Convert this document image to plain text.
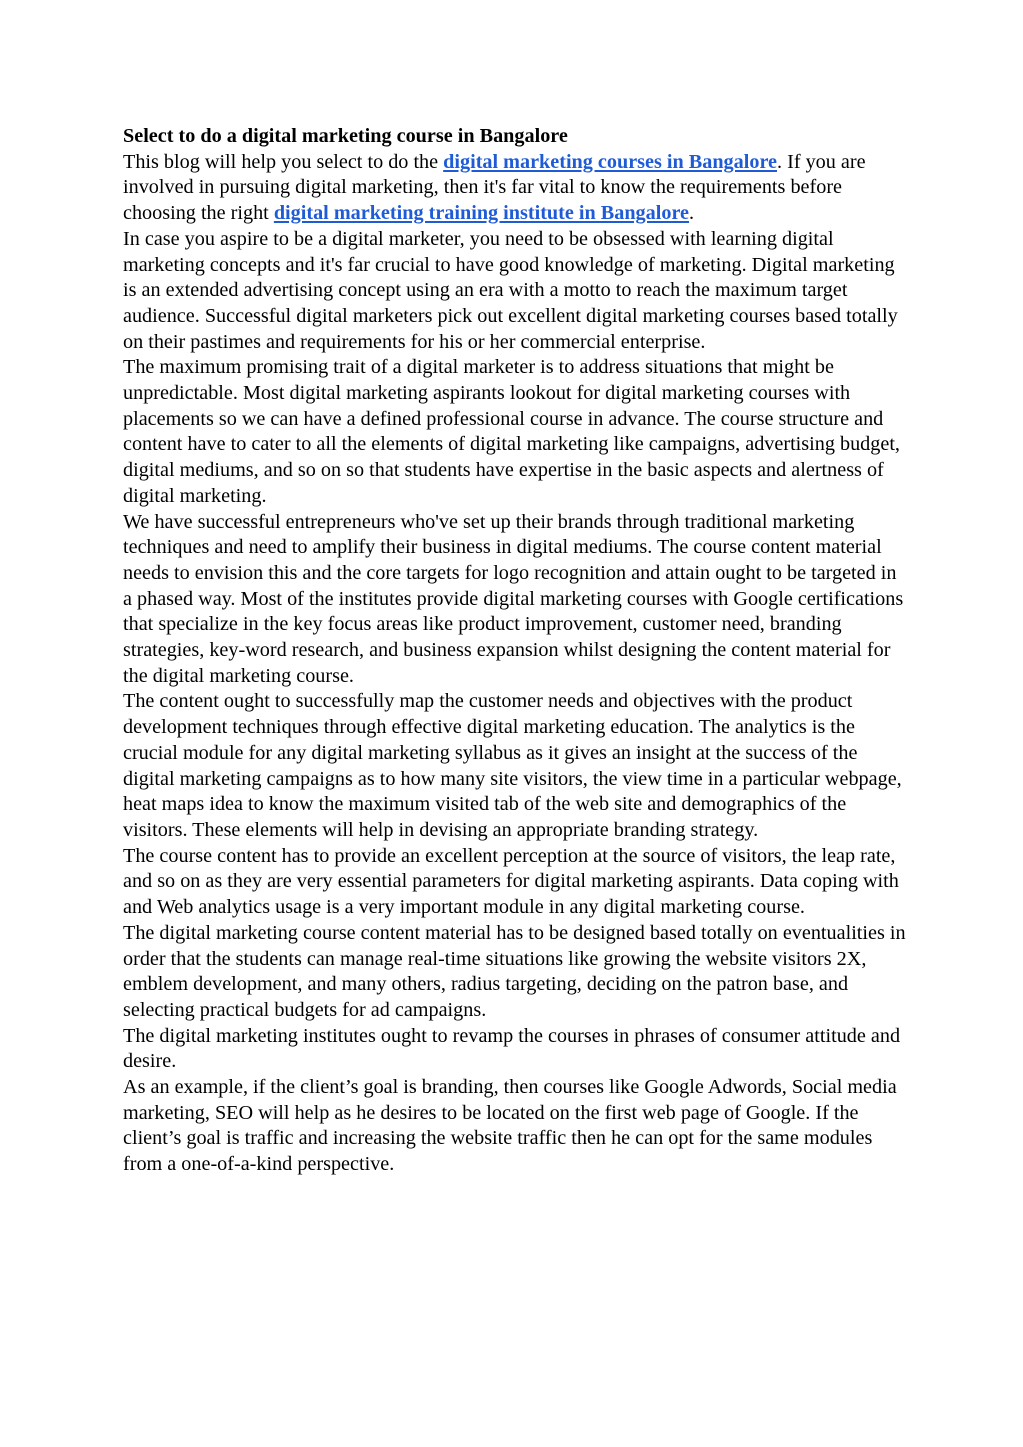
Select to do a digital marketing course in Bangalore

This blog will help you select to do the digital marketing courses in Bangalore. If you are involved in pursuing digital marketing, then it's far vital to know the requirements before choosing the right digital marketing training institute in Bangalore.

In case you aspire to be a digital marketer, you need to be obsessed with learning digital marketing concepts and it's far crucial to have good knowledge of marketing. Digital marketing is an extended advertising concept using an era with a motto to reach the maximum target audience. Successful digital marketers pick out excellent digital marketing courses based totally on their pastimes and requirements for his or her commercial enterprise.

The maximum promising trait of a digital marketer is to address situations that might be unpredictable. Most digital marketing aspirants lookout for digital marketing courses with placements so we can have a defined professional course in advance. The course structure and content have to cater to all the elements of digital marketing like campaigns, advertising budget, digital mediums, and so on so that students have expertise in the basic aspects and alertness of digital marketing.

We have successful entrepreneurs who've set up their brands through traditional marketing techniques and need to amplify their business in digital mediums. The course content material needs to envision this and the core targets for logo recognition and attain ought to be targeted in a phased way. Most of the institutes provide digital marketing courses with Google certifications that specialize in the key focus areas like product improvement, customer need, branding strategies, key-word research, and business expansion whilst designing the content material for the digital marketing course.

The content ought to successfully map the customer needs and objectives with the product development techniques through effective digital marketing education. The analytics is the crucial module for any digital marketing syllabus as it gives an insight at the success of the digital marketing campaigns as to how many site visitors, the view time in a particular webpage, heat maps idea to know the maximum visited tab of the web site and demographics of the visitors. These elements will help in devising an appropriate branding strategy.

The course content has to provide an excellent perception at the source of visitors, the leap rate, and so on as they are very essential parameters for digital marketing aspirants. Data coping with and Web analytics usage is a very important module in any digital marketing course.

The digital marketing course content material has to be designed based totally on eventualities in order that the students can manage real-time situations like growing the website visitors 2X, emblem development, and many others, radius targeting, deciding on the patron base, and selecting practical budgets for ad campaigns.

The digital marketing institutes ought to revamp the courses in phrases of consumer attitude and desire.

As an example, if the client’s goal is branding, then courses like Google Adwords, Social media marketing, SEO will help as he desires to be located on the first web page of Google. If the client’s goal is traffic and increasing the website traffic then he can opt for the same modules from a one-of-a-kind perspective.
